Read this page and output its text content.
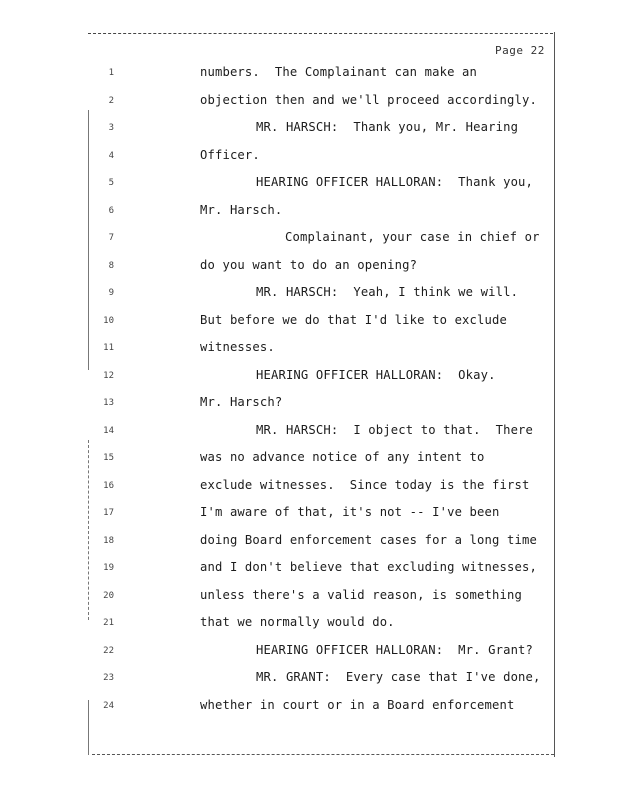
Page 22
1	numbers.  The Complainant can make an
2	objection then and we'll proceed accordingly.
3	MR. HARSCH:  Thank you, Mr. Hearing
4	Officer.
5	HEARING OFFICER HALLORAN:  Thank you,
6	Mr. Harsch.
7	Complainant, your case in chief or
8	do you want to do an opening?
9	MR. HARSCH:  Yeah, I think we will.
10	But before we do that I'd like to exclude
11	witnesses.
12	HEARING OFFICER HALLORAN:  Okay.
13	Mr. Harsch?
14	MR. HARSCH:  I object to that.  There
15	was no advance notice of any intent to
16	exclude witnesses.  Since today is the first
17	I'm aware of that, it's not -- I've been
18	doing Board enforcement cases for a long time
19	and I don't believe that excluding witnesses,
20	unless there's a valid reason, is something
21	that we normally would do.
22	HEARING OFFICER HALLORAN:  Mr. Grant?
23	MR. GRANT:  Every case that I've done,
24	whether in court or in a Board enforcement
